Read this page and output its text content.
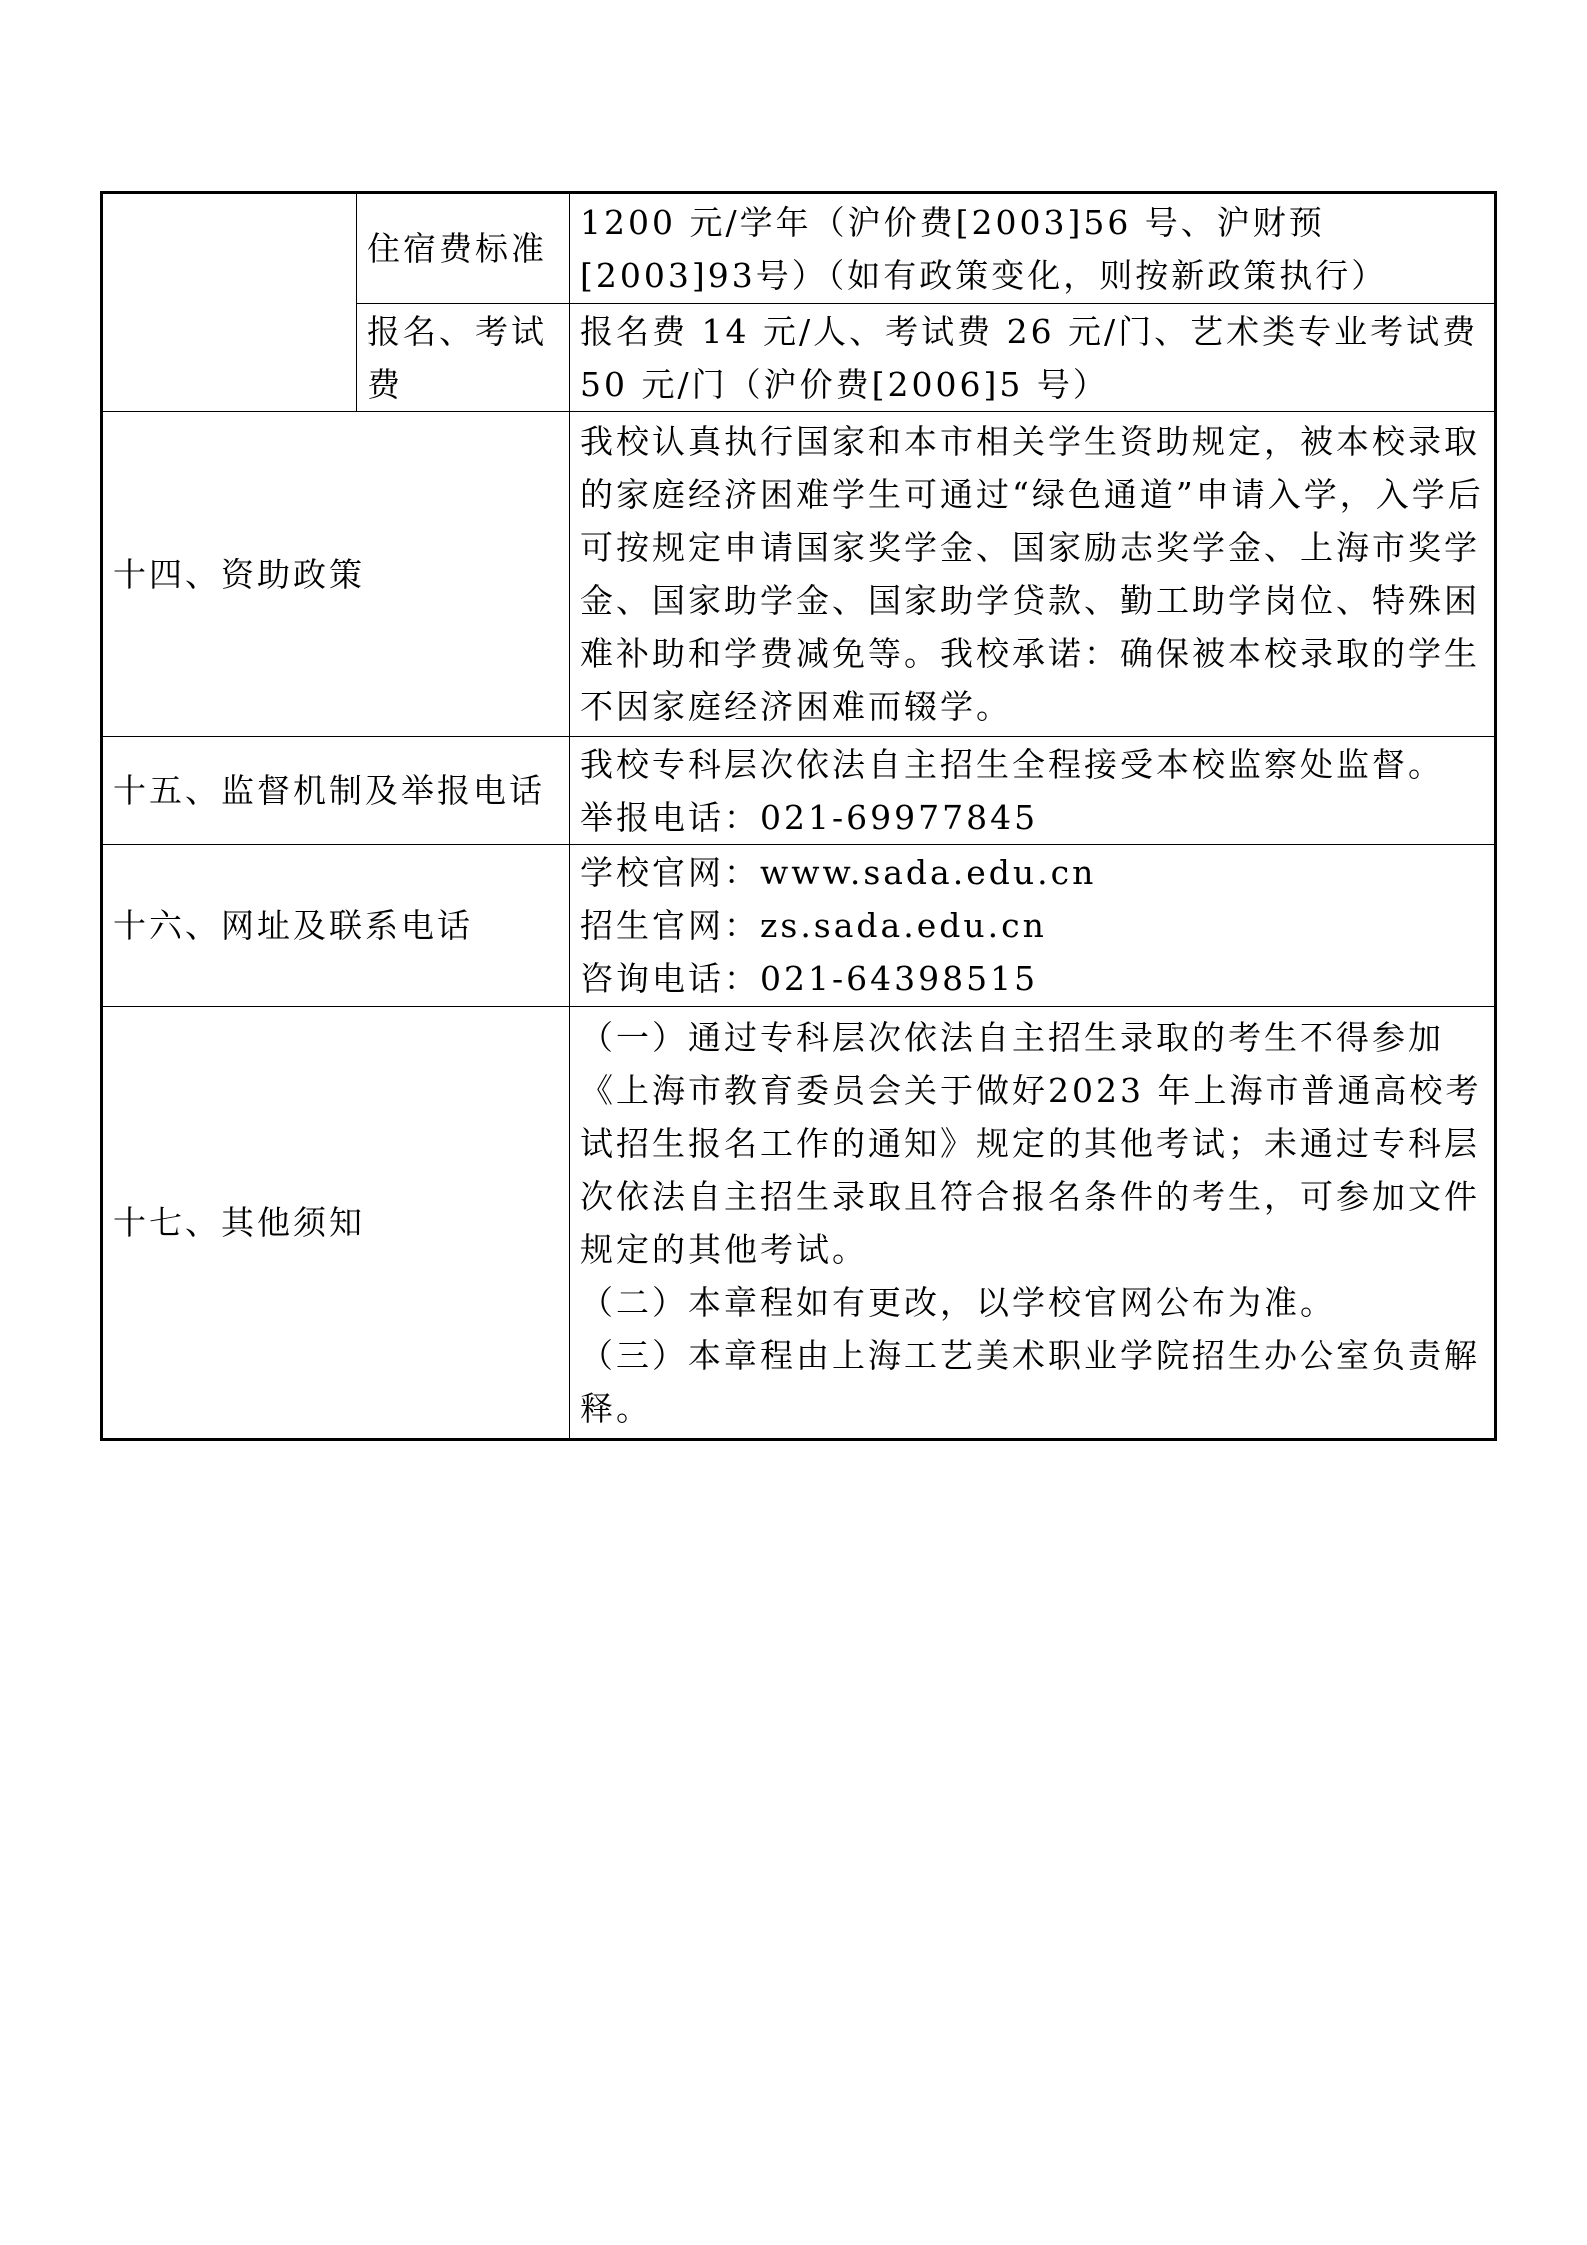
	住宿费标准	1200 元/学年（沪价费[2003]56 号、沪财预[2003]93号）（如有政策变化，则按新政策执行）
	报名、考试费	报名费 14 元/人、考试费 26 元/门、艺术类专业考试费50 元/门（沪价费[2006]5 号）
十四、资助政策		我校认真执行国家和本市相关学生资助规定，被本校录取的家庭经济困难学生可通过“绿色通道”申请入学，入学后可按规定申请国家奖学金、国家励志奖学金、上海市奖学金、国家助学金、国家助学贷款、勤工助学岗位、特殊困难补助和学费减免等。我校承诺：确保被本校录取的学生不因家庭经济困难而辍学。
十五、监督机制及举报电话		我校专科层次依法自主招生全程接受本校监察处监督。
举报电话：021-69977845

十六、网址及联系电话		学校官网：www.sada.edu.cn
招生官网：zs.sada.edu.cn
咨询电话：021-64398515

十七、其他须知		（一）通过专科层次依法自主招生录取的考生不得参加《上海市教育委员会关于做好2023 年上海市普通高校考试招生报名工作的通知》规定的其他考试；未通过专科层次依法自主招生录取且符合报名条件的考生，可参加文件规定的其他考试。
（二）本章程如有更改，以学校官网公布为准。
（三）本章程由上海工艺美术职业学院招生办公室负责解释。
